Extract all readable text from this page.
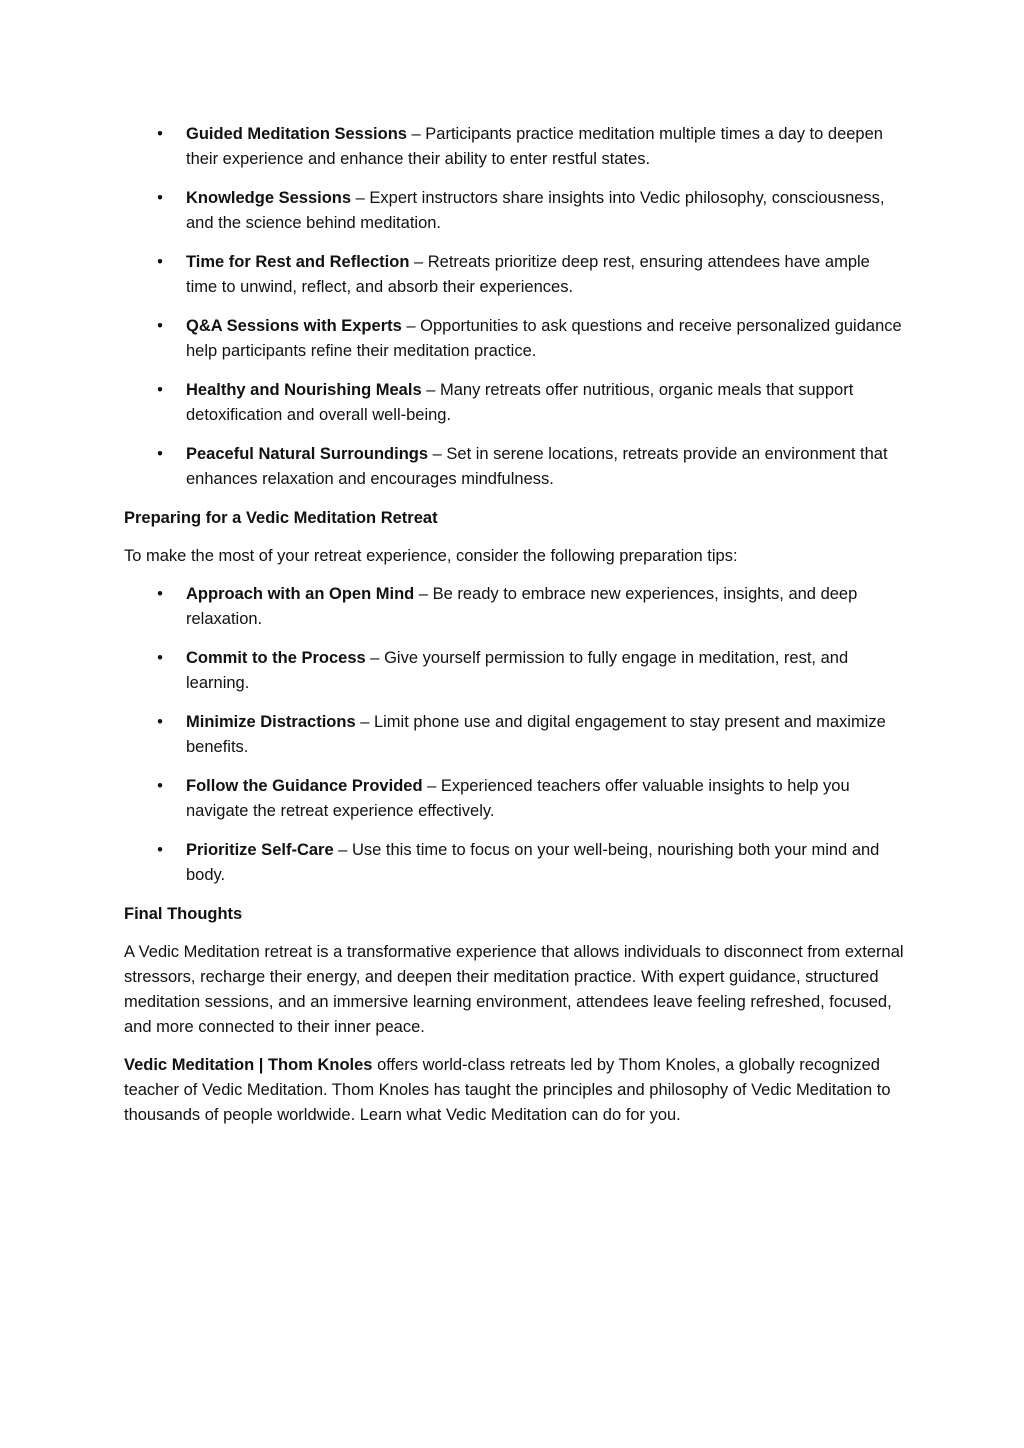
• Guided Meditation Sessions – Participants practice meditation multiple times a day to deepen their experience and enhance their ability to enter restful states.
• Knowledge Sessions – Expert instructors share insights into Vedic philosophy, consciousness, and the science behind meditation.
• Time for Rest and Reflection – Retreats prioritize deep rest, ensuring attendees have ample time to unwind, reflect, and absorb their experiences.
• Q&A Sessions with Experts – Opportunities to ask questions and receive personalized guidance help participants refine their meditation practice.
• Healthy and Nourishing Meals – Many retreats offer nutritious, organic meals that support detoxification and overall well-being.
• Peaceful Natural Surroundings – Set in serene locations, retreats provide an environment that enhances relaxation and encourages mindfulness.
Preparing for a Vedic Meditation Retreat

To make the most of your retreat experience, consider the following preparation tips:

• Approach with an Open Mind – Be ready to embrace new experiences, insights, and deep relaxation.
• Commit to the Process – Give yourself permission to fully engage in meditation, rest, and learning.
• Minimize Distractions – Limit phone use and digital engagement to stay present and maximize benefits.
• Follow the Guidance Provided – Experienced teachers offer valuable insights to help you navigate the retreat experience effectively.
• Prioritize Self-Care – Use this time to focus on your well-being, nourishing both your mind and body.
Final Thoughts

A Vedic Meditation retreat is a transformative experience that allows individuals to disconnect from external stressors, recharge their energy, and deepen their meditation practice. With expert guidance, structured meditation sessions, and an immersive learning environment, attendees leave feeling refreshed, focused, and more connected to their inner peace.

Vedic Meditation | Thom Knoles offers world-class retreats led by Thom Knoles, a globally recognized teacher of Vedic Meditation. Thom Knoles has taught the principles and philosophy of Vedic Meditation to thousands of people worldwide. Learn what Vedic Meditation can do for you.
